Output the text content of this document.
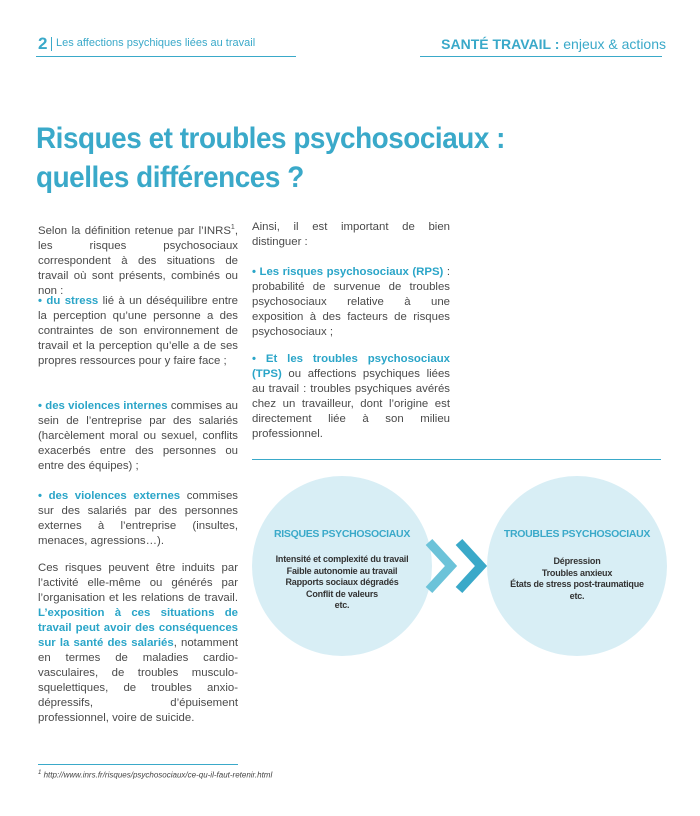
2 Les affections psychiques liées au travail	SANTÉ TRAVAIL : enjeux & actions
Risques et troubles psychosociaux :
quelles différences ?
Selon la définition retenue par l’INRS$^1$, les risques psychosociaux correspondent à des situations de travail où sont présents, combinés ou non :
• du stress lié à un déséquilibre entre la perception qu’une personne a des contraintes de son environnement de travail et la perception qu’elle a de ses propres ressources pour y faire face ;
• des violences internes commises au sein de l’entreprise par des salariés (harcèlement moral ou sexuel, conflits exacerbés entre des personnes ou entre des équipes) ;
• des violences externes commises sur des salariés par des personnes externes à l’entreprise (insultes, menaces, agressions…).
Ces risques peuvent être induits par l’activité elle-même ou générés par l’organisation et les relations de travail. L’exposition à ces situations de travail peut avoir des conséquences sur la santé des salariés, notamment en termes de maladies cardio-vasculaires, de troubles musculo-squelettiques, de troubles anxio-dépressifs, d’épuisement professionnel, voire de suicide.
Ainsi, il est important de bien distinguer :
• Les risques psychosociaux (RPS) : probabilité de survenue de troubles psychosociaux relative à une exposition à des facteurs de risques psychosociaux ;
• Et les troubles psychosociaux (TPS) ou affections psychiques liées au travail : troubles psychiques avérés chez un travailleur, dont l’origine est directement liée à son milieu professionnel.
RISQUES PSYCHOSOCIAUX
Intensité et complexité du travail
Faible autonomie au travail
Rapports sociaux dégradés
Conflit de valeurs
etc.
TROUBLES PSYCHOSOCIAUX
Dépression
Troubles anxieux
États de stress post-traumatique
etc.
$^1$ http://www.inrs.fr/risques/psychosociaux/ce-qu-il-faut-retenir.html
